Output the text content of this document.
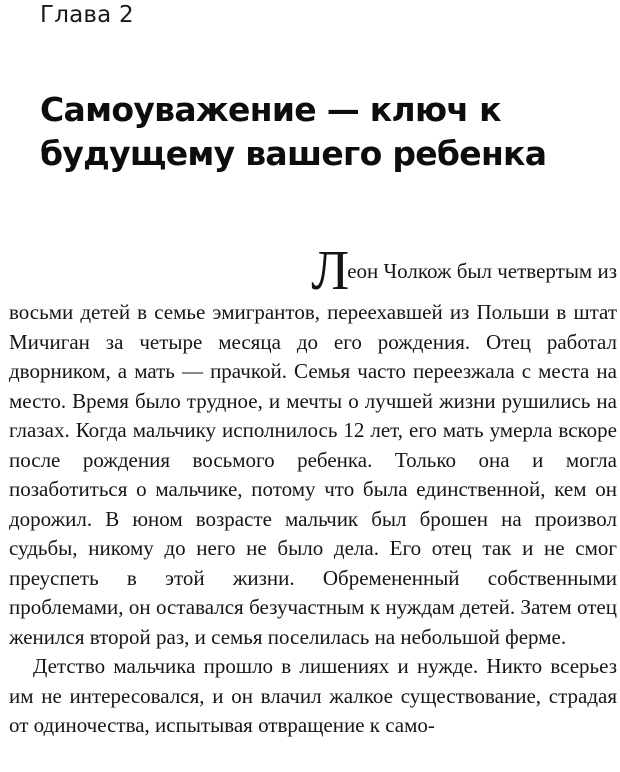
Глава 2
Самоуважение — ключ к
будущему вашего ребенка

Леон Чолкож был четвертым из
восьми детей в семье эмигрантов, переехавшей из Польши в штат Мичиган за четыре месяца до его рождения. Отец работал дворником, а мать — прачкой. Семья часто переезжала с места на место. Время было трудное, и мечты о лучшей жизни рушились на глазах. Когда мальчику исполнилось 12 лет, его мать умерла вскоре после рождения восьмого ребенка. Только она и могла позаботиться о мальчике, потому что была единственной, кем он дорожил. В юном возрасте мальчик был брошен на произвол судьбы, никому до него не было дела. Его отец так и не смог преуспеть в этой жизни. Обремененный собственными проблемами, он оставался безучастным к нуждам детей. Затем отец женился второй раз, и семья поселилась на небольшой ферме.

Детство мальчика прошло в лишениях и нужде. Никто всерьез им не интересовался, и он влачил жалкое существование, страдая от одиночества, испытывая отвращение к само-
